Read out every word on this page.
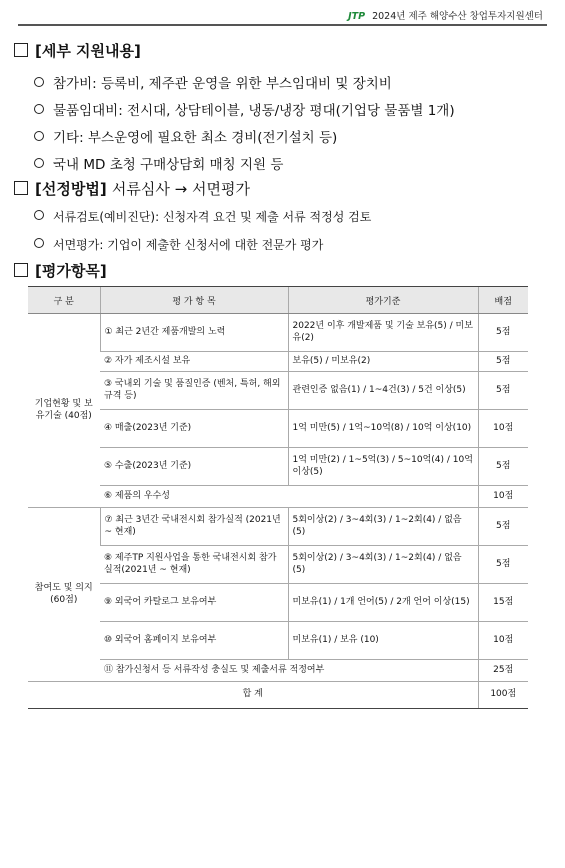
JTP 2024년 제주 해양수산 창업투자지원센터
[세부 지원내용]
참가비: 등록비, 제주관 운영을 위한 부스임대비 및 장치비
물품임대비: 전시대, 상담테이블, 냉동/냉장 평대(기업당 물품별 1개)
기타: 부스운영에 필요한 최소 경비(전기설치 등)
국내 MD 초청 구매상담회 매칭 지원 등
[선정방법] 서류심사 → 서면평가
서류검토(예비진단): 신청자격 요건 및 제출 서류 적정성 검토
서면평가: 기업이 제출한 신청서에 대한 전문가 평가
[평가항목]
구 분	평 가 항 목	평가기준	배점
기업현황 및 보유기술 (40점)	① 최근 2년간 제품개발의 노력	2022년 이후 개발제품 및 기술 보유(5) / 미보유(2)	5점
	② 자가 제조시설 보유	보유(5) / 미보유(2)	5점
	③ 국내외 기술 및 품질인증 (벤처, 특허, 해외규격 등)	관련인증 없음(1) / 1~4건(3) / 5건 이상(5)	5점
	④ 매출(2023년 기준)	1억 미만(5) / 1억~10억(8) / 10억 이상(10)	10점
	⑤ 수출(2023년 기준)	1억 미만(2) / 1~5억(3) / 5~10억(4) / 10억 이상(5)	5점
	⑥ 제품의 우수성		10점
참여도 및 의지 (60점)	⑦ 최근 3년간 국내전시회 참가실적 (2021년 ~ 현재)	5회이상(2) / 3~4회(3) / 1~2회(4) / 없음(5)	5점
	⑧ 제주TP 지원사업을 통한 국내전시회 참가실적(2021년 ~ 현재)	5회이상(2) / 3~4회(3) / 1~2회(4) / 없음(5)	5점
	⑨ 외국어 카탈로그 보유여부	미보유(1) / 1개 언어(5) / 2개 언어 이상(15)	15점
	⑩ 외국어 홈페이지 보유여부	미보유(1) / 보유 (10)	10점
	⑪ 참가신청서 등 서류작성 충실도 및 제출서류 적정여부		25점
합 계			100점
